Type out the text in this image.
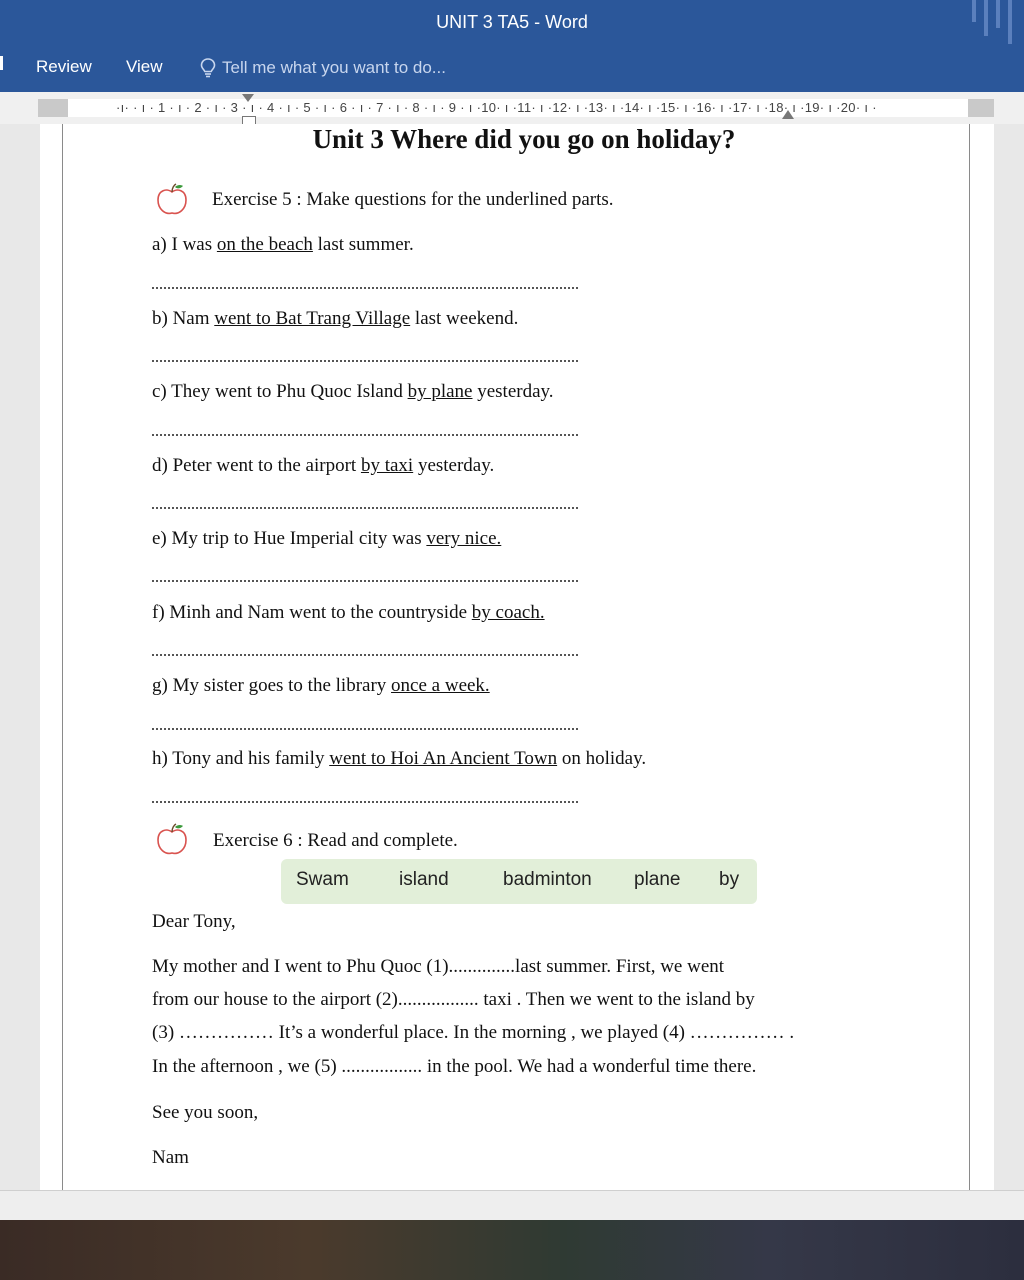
UNIT 3 TA5 - Word
Review View	Tell me what you want to do...
·ı· · ı · 1 · ı · 2 · ı · 3 · ı · 4 · ı · 5 · ı · 6 · ı · 7 · ı · 8 · ı · 9 · ı ·10· ı ·11· ı ·12· ı ·13· ı ·14· ı ·15· ı ·16· ı ·17· ı ·18· ı ·19· ı ·20· ı ·
Unit 3 Where did you go on holiday?
Exercise 5 : Make questions for the underlined parts.
a) I was on the beach last summer.
b) Nam went to Bat Trang Village last weekend.
c) They went to Phu Quoc Island by plane yesterday.
d) Peter went to the airport by taxi yesterday.
e) My trip to Hue Imperial city was very nice.
f) Minh and Nam went to the countryside by coach.
g) My sister goes to the library once a week.
h) Tony and his family went to Hoi An Ancient Town on holiday.
Exercise 6 : Read and complete.
Swam	island	badminton plane by
Dear Tony,
My mother and I went to Phu Quoc (1)..............last summer. First, we went
from our house to the airport (2)................. taxi . Then we went to the island by
(3) …………… It’s a wonderful place. In the morning , we played (4) …………… .
In the afternoon , we (5) ................. in the pool. We had a wonderful time there.
See you soon,
Nam
